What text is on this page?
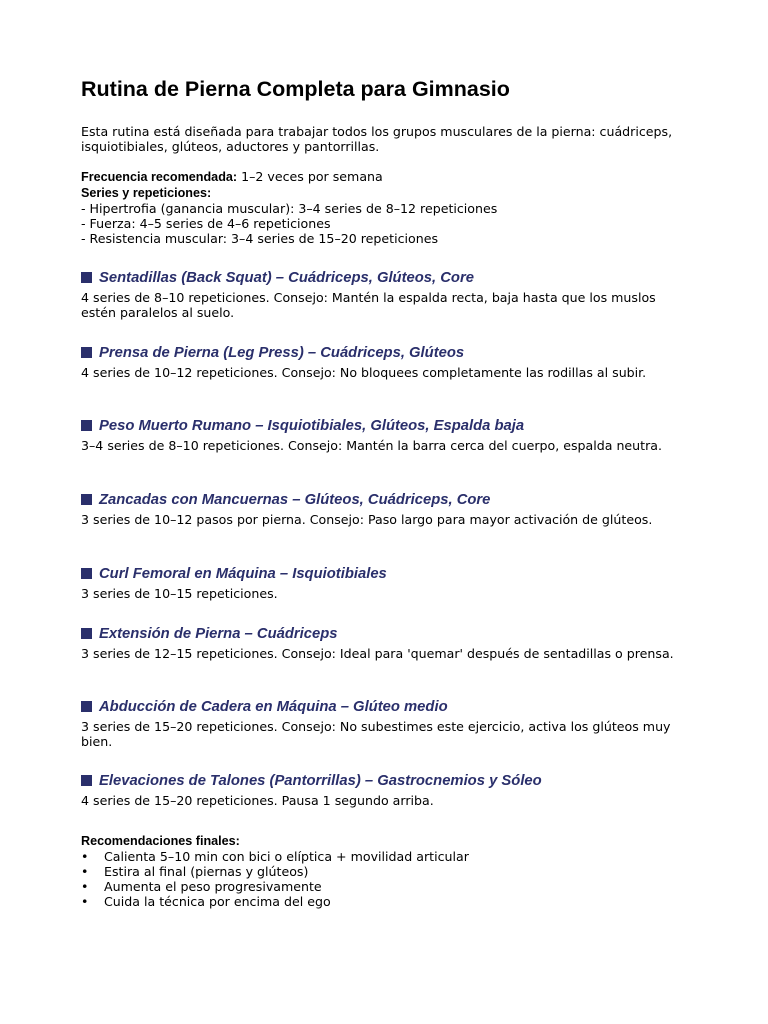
Rutina de Pierna Completa para Gimnasio
Esta rutina está diseñada para trabajar todos los grupos musculares de la pierna: cuádriceps, isquiotibiales, glúteos, aductores y pantorrillas.
Frecuencia recomendada: 1–2 veces por semana
Series y repeticiones:
- Hipertrofia (ganancia muscular): 3–4 series de 8–12 repeticiones
- Fuerza: 4–5 series de 4–6 repeticiones
- Resistencia muscular: 3–4 series de 15–20 repeticiones
Sentadillas (Back Squat) – Cuádriceps, Glúteos, Core
4 series de 8–10 repeticiones. Consejo: Mantén la espalda recta, baja hasta que los muslos estén paralelos al suelo.
Prensa de Pierna (Leg Press) – Cuádriceps, Glúteos
4 series de 10–12 repeticiones. Consejo: No bloquees completamente las rodillas al subir.
Peso Muerto Rumano – Isquiotibiales, Glúteos, Espalda baja
3–4 series de 8–10 repeticiones. Consejo: Mantén la barra cerca del cuerpo, espalda neutra.
Zancadas con Mancuernas – Glúteos, Cuádriceps, Core
3 series de 10–12 pasos por pierna. Consejo: Paso largo para mayor activación de glúteos.
Curl Femoral en Máquina – Isquiotibiales
3 series de 10–15 repeticiones.
Extensión de Pierna – Cuádriceps
3 series de 12–15 repeticiones. Consejo: Ideal para 'quemar' después de sentadillas o prensa.
Abducción de Cadera en Máquina – Glúteo medio
3 series de 15–20 repeticiones. Consejo: No subestimes este ejercicio, activa los glúteos muy bien.
Elevaciones de Talones (Pantorrillas) – Gastrocnemios y Sóleo
4 series de 15–20 repeticiones. Pausa 1 segundo arriba.
Recomendaciones finales:
• Calienta 5–10 min con bici o elíptica + movilidad articular
• Estira al final (piernas y glúteos)
• Aumenta el peso progresivamente
• Cuida la técnica por encima del ego
